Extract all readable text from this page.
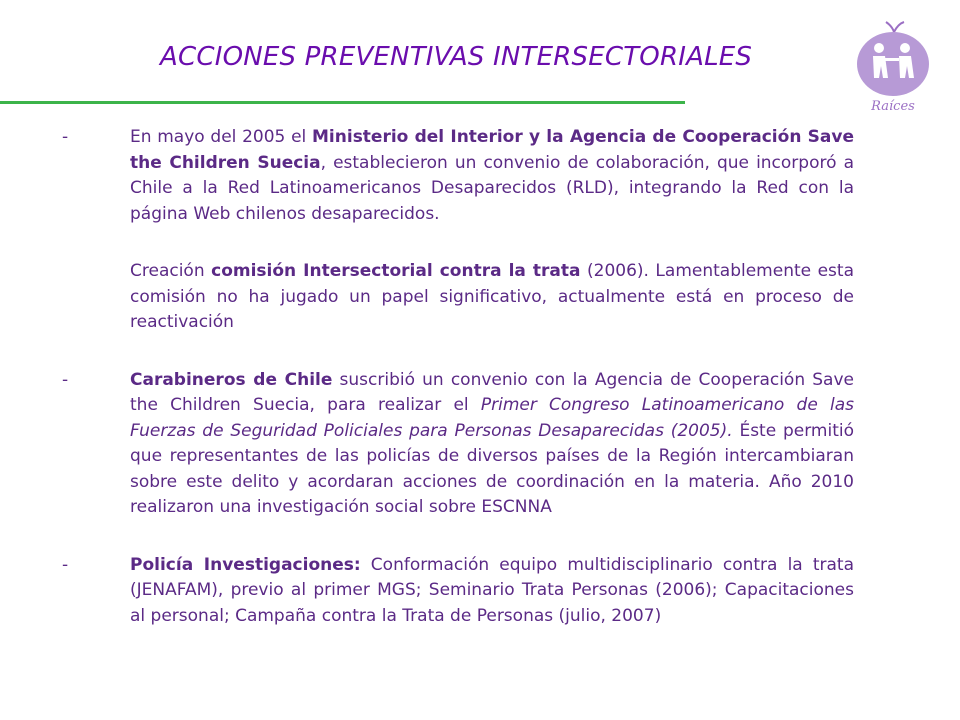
ACCIONES PREVENTIVAS INTERSECTORIALES
Raíces
-	En mayo del 2005 el Ministerio del Interior y la Agencia de Cooperación Save the Children Suecia, establecieron un convenio de colaboración, que incorporó a Chile a la Red Latinoamericanos Desaparecidos (RLD), integrando la Red con la página Web chilenos desaparecidos.
Creación comisión Intersectorial contra la trata (2006). Lamentablemente esta comisión no ha jugado un papel significativo, actualmente está en proceso de reactivación
-	Carabineros de Chile suscribió un convenio con la Agencia de Cooperación Save the Children Suecia, para realizar el Primer Congreso Latinoamericano de las Fuerzas de Seguridad Policiales para Personas Desaparecidas (2005). Éste permitió que representantes de las policías de diversos países de la Región intercambiaran sobre este delito y acordaran acciones de coordinación en la materia. Año 2010 realizaron una investigación social sobre ESCNNA
-	Policía Investigaciones: Conformación equipo multidisciplinario contra la trata (JENAFAM), previo al primer MGS; Seminario Trata Personas (2006); Capacitaciones al personal; Campaña contra la Trata de Personas (julio, 2007)
